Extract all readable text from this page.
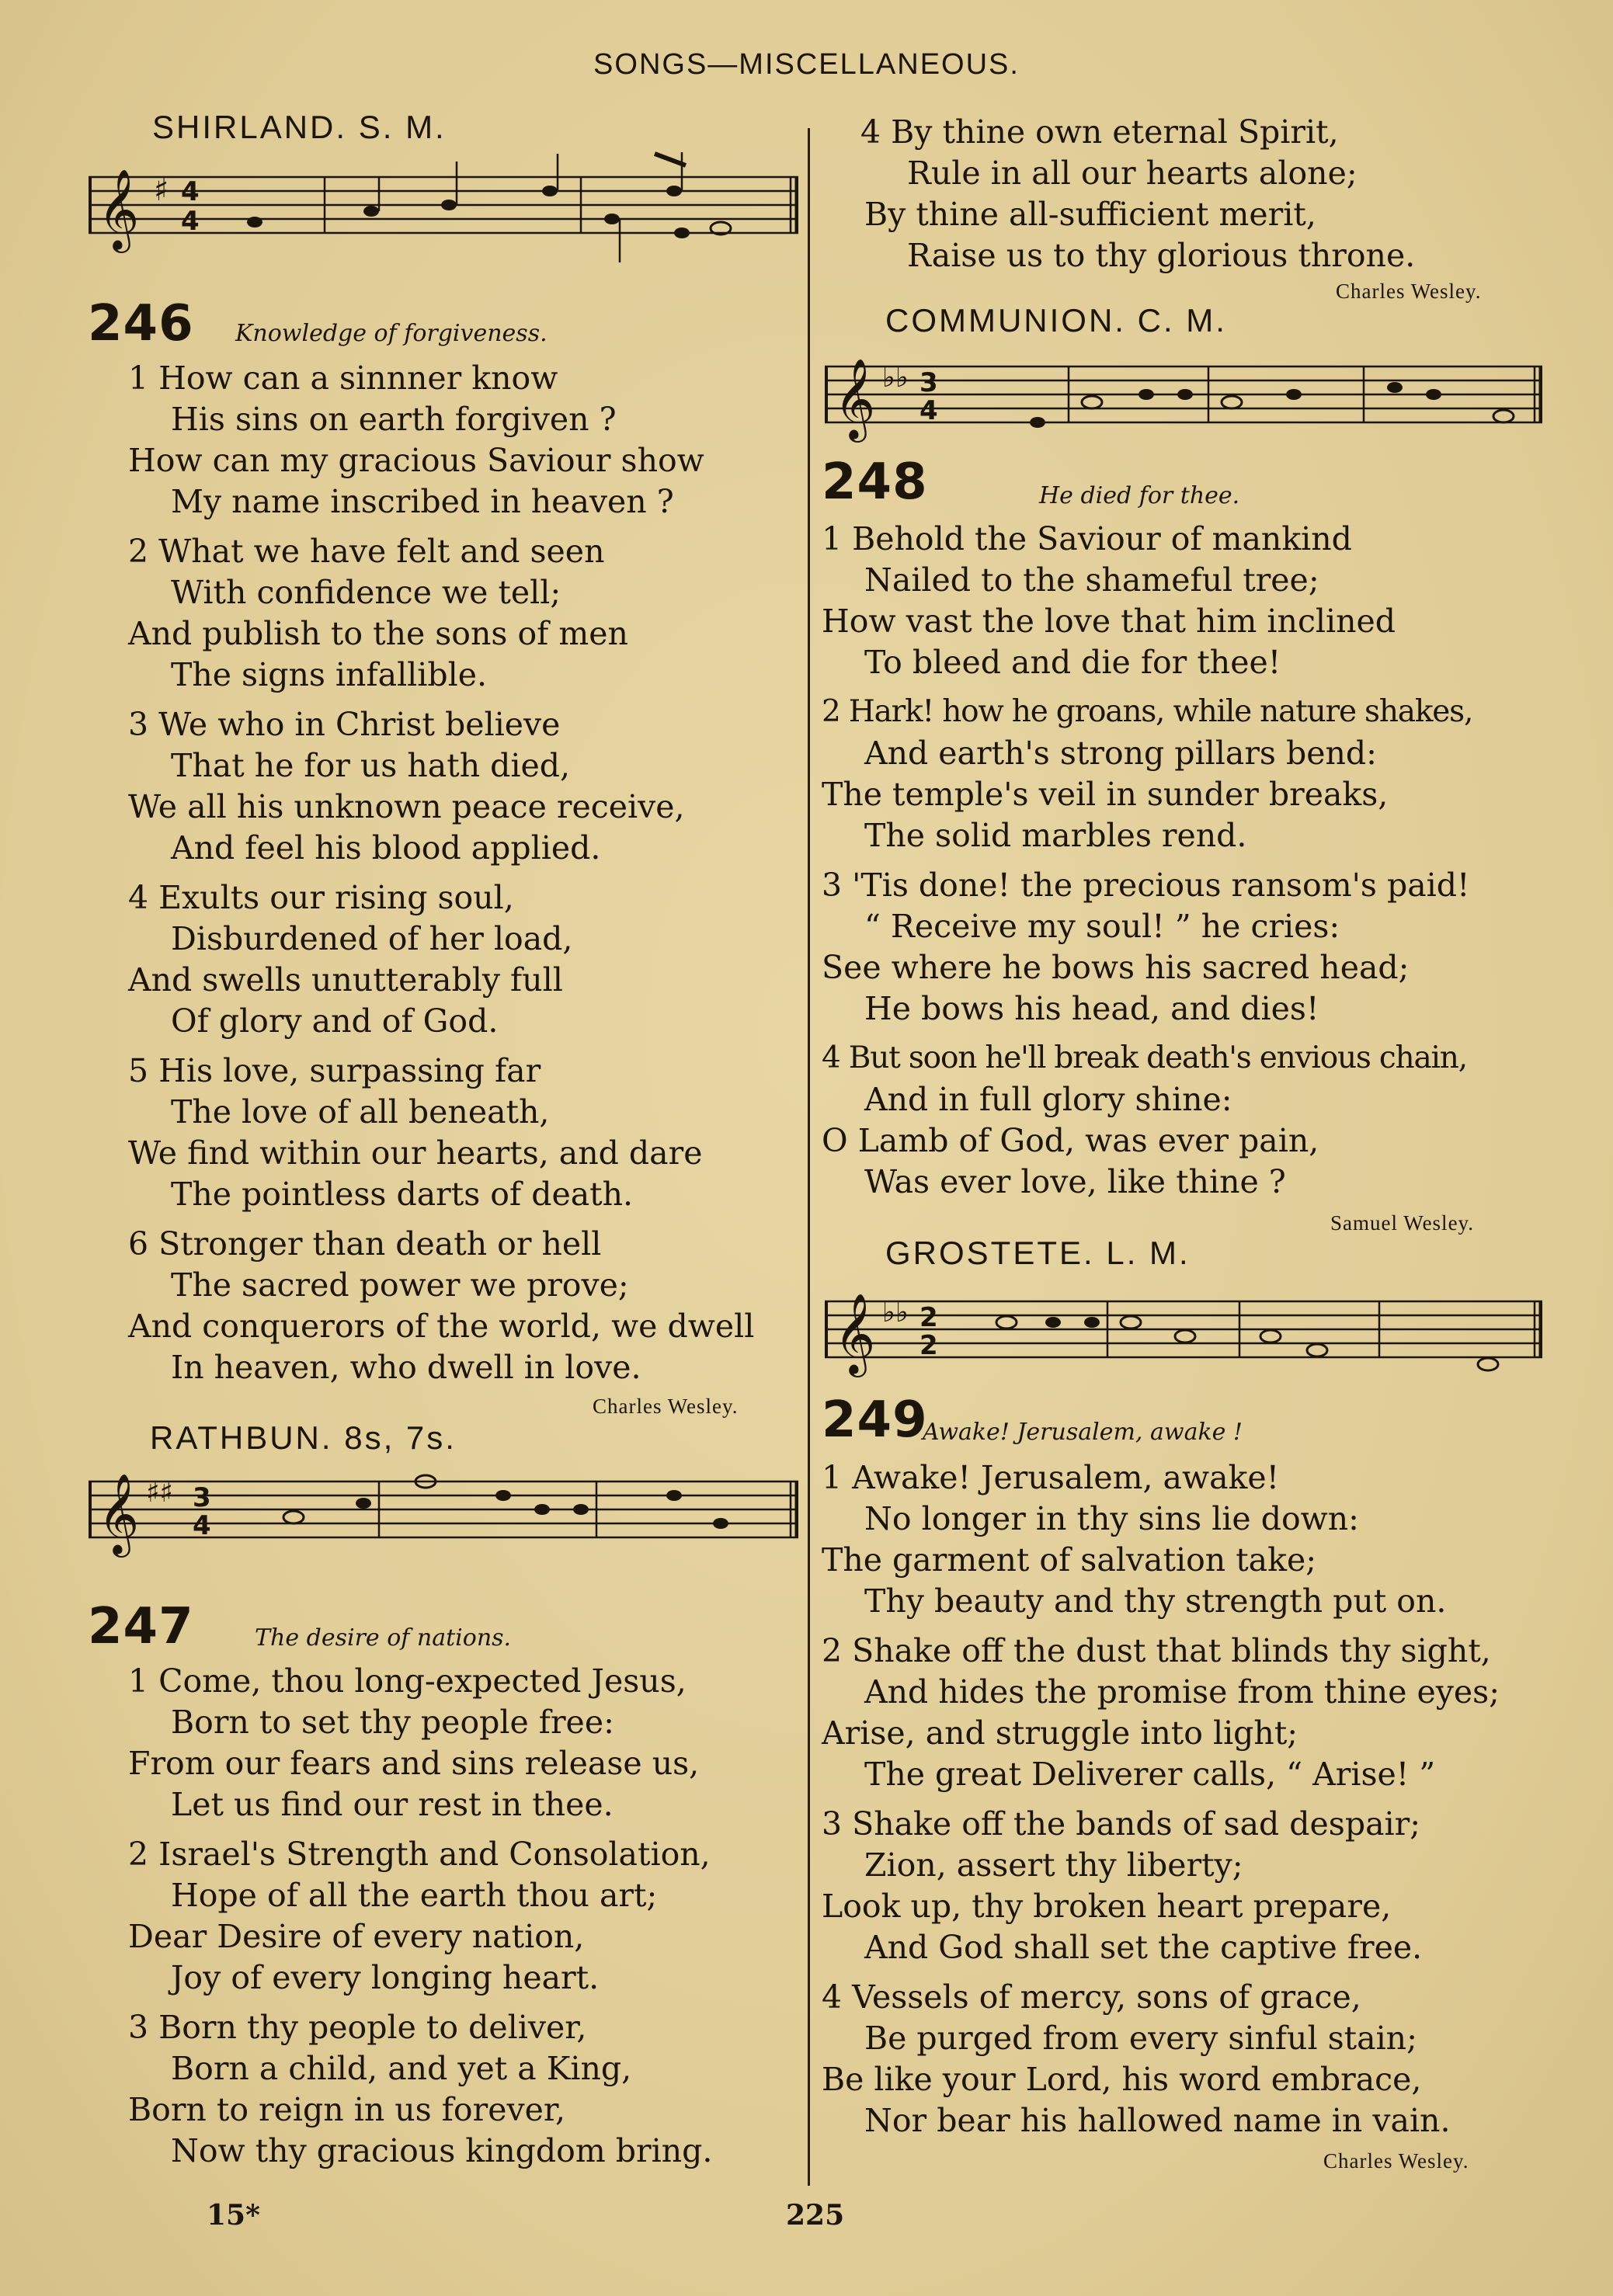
SONGS—MISCELLANEOUS.
SHIRLAND. S. M.
𝄞 ♯ 4
4
246 Knowledge of forgiveness.
1 How can a sinnner know
His sins on earth forgiven ?
How can my gracious Saviour show
My name inscribed in heaven ?
2 What we have felt and seen
With confidence we tell;
And publish to the sons of men
The signs infallible.
3 We who in Christ believe
That he for us hath died,
We all his unknown peace receive,
And feel his blood applied.
4 Exults our rising soul,
Disburdened of her load,
And swells unutterably full
Of glory and of God.
5 His love, surpassing far
The love of all beneath,
We find within our hearts, and dare
The pointless darts of death.
6 Stronger than death or hell
The sacred power we prove;
And conquerors of the world, we dwell
In heaven, who dwell in love.
Charles Wesley.
RATHBUN. 8s, 7s.
𝄞 ♯♯ 3
4
247	The desire of nations.
1 Come, thou long-expected Jesus,
Born to set thy people free:
From our fears and sins release us,
Let us find our rest in thee.
2 Israel's Strength and Consolation,
Hope of all the earth thou art;
Dear Desire of every nation,
Joy of every longing heart.
3 Born thy people to deliver,
Born a child, and yet a King,
Born to reign in us forever,
Now thy gracious kingdom bring.
4 By thine own eternal Spirit,
Rule in all our hearts alone;
By thine all-sufficient merit,
Raise us to thy glorious throne.
Charles Wesley.
COMMUNION. C. M.
𝄞 ♭♭ 3
4
248	He died for thee.
1 Behold the Saviour of mankind
Nailed to the shameful tree;
How vast the love that him inclined
To bleed and die for thee!
2 Hark! how he groans, while nature shakes,
And earth's strong pillars bend:
The temple's veil in sunder breaks,
The solid marbles rend.
3 'Tis done! the precious ransom's paid!
“ Receive my soul! ” he cries:
See where he bows his sacred head;
He bows his head, and dies!
4 But soon he'll break death's envious chain,
And in full glory shine:
O Lamb of God, was ever pain,
Was ever love, like thine ?
Samuel Wesley.
GROSTETE. L. M.
𝄞 ♭♭ 2
2
249
Awake! Jerusalem, awake !
1 Awake! Jerusalem, awake!
No longer in thy sins lie down:
The garment of salvation take;
Thy beauty and thy strength put on.
2 Shake off the dust that blinds thy sight,
And hides the promise from thine eyes;
Arise, and struggle into light;
The great Deliverer calls, “ Arise! ”
3 Shake off the bands of sad despair;
Zion, assert thy liberty;
Look up, thy broken heart prepare,
And God shall set the captive free.
4 Vessels of mercy, sons of grace,
Be purged from every sinful stain;
Be like your Lord, his word embrace,
Nor bear his hallowed name in vain.
Charles Wesley.
15*	225
